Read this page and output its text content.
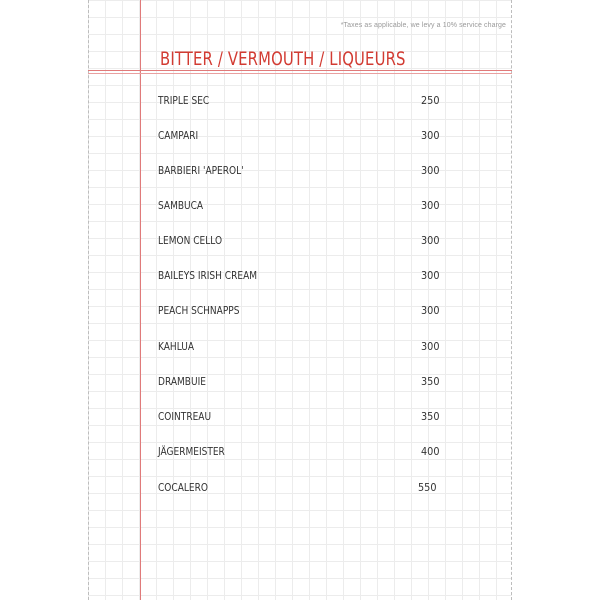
*Taxes as applicable, we levy a 10% service charge
BITTER / VERMOUTH / LIQUEURS
TRIPLE SEC	250
CAMPARI	300
BARBIERI 'APEROL'	300
SAMBUCA	300
LEMON CELLO	300
BAILEYS IRISH CREAM	300
PEACH SCHNAPPS	300
KAHLUA	300
DRAMBUIE	350
COINTREAU	350
JÄGERMEISTER	400
COCALERO	550
